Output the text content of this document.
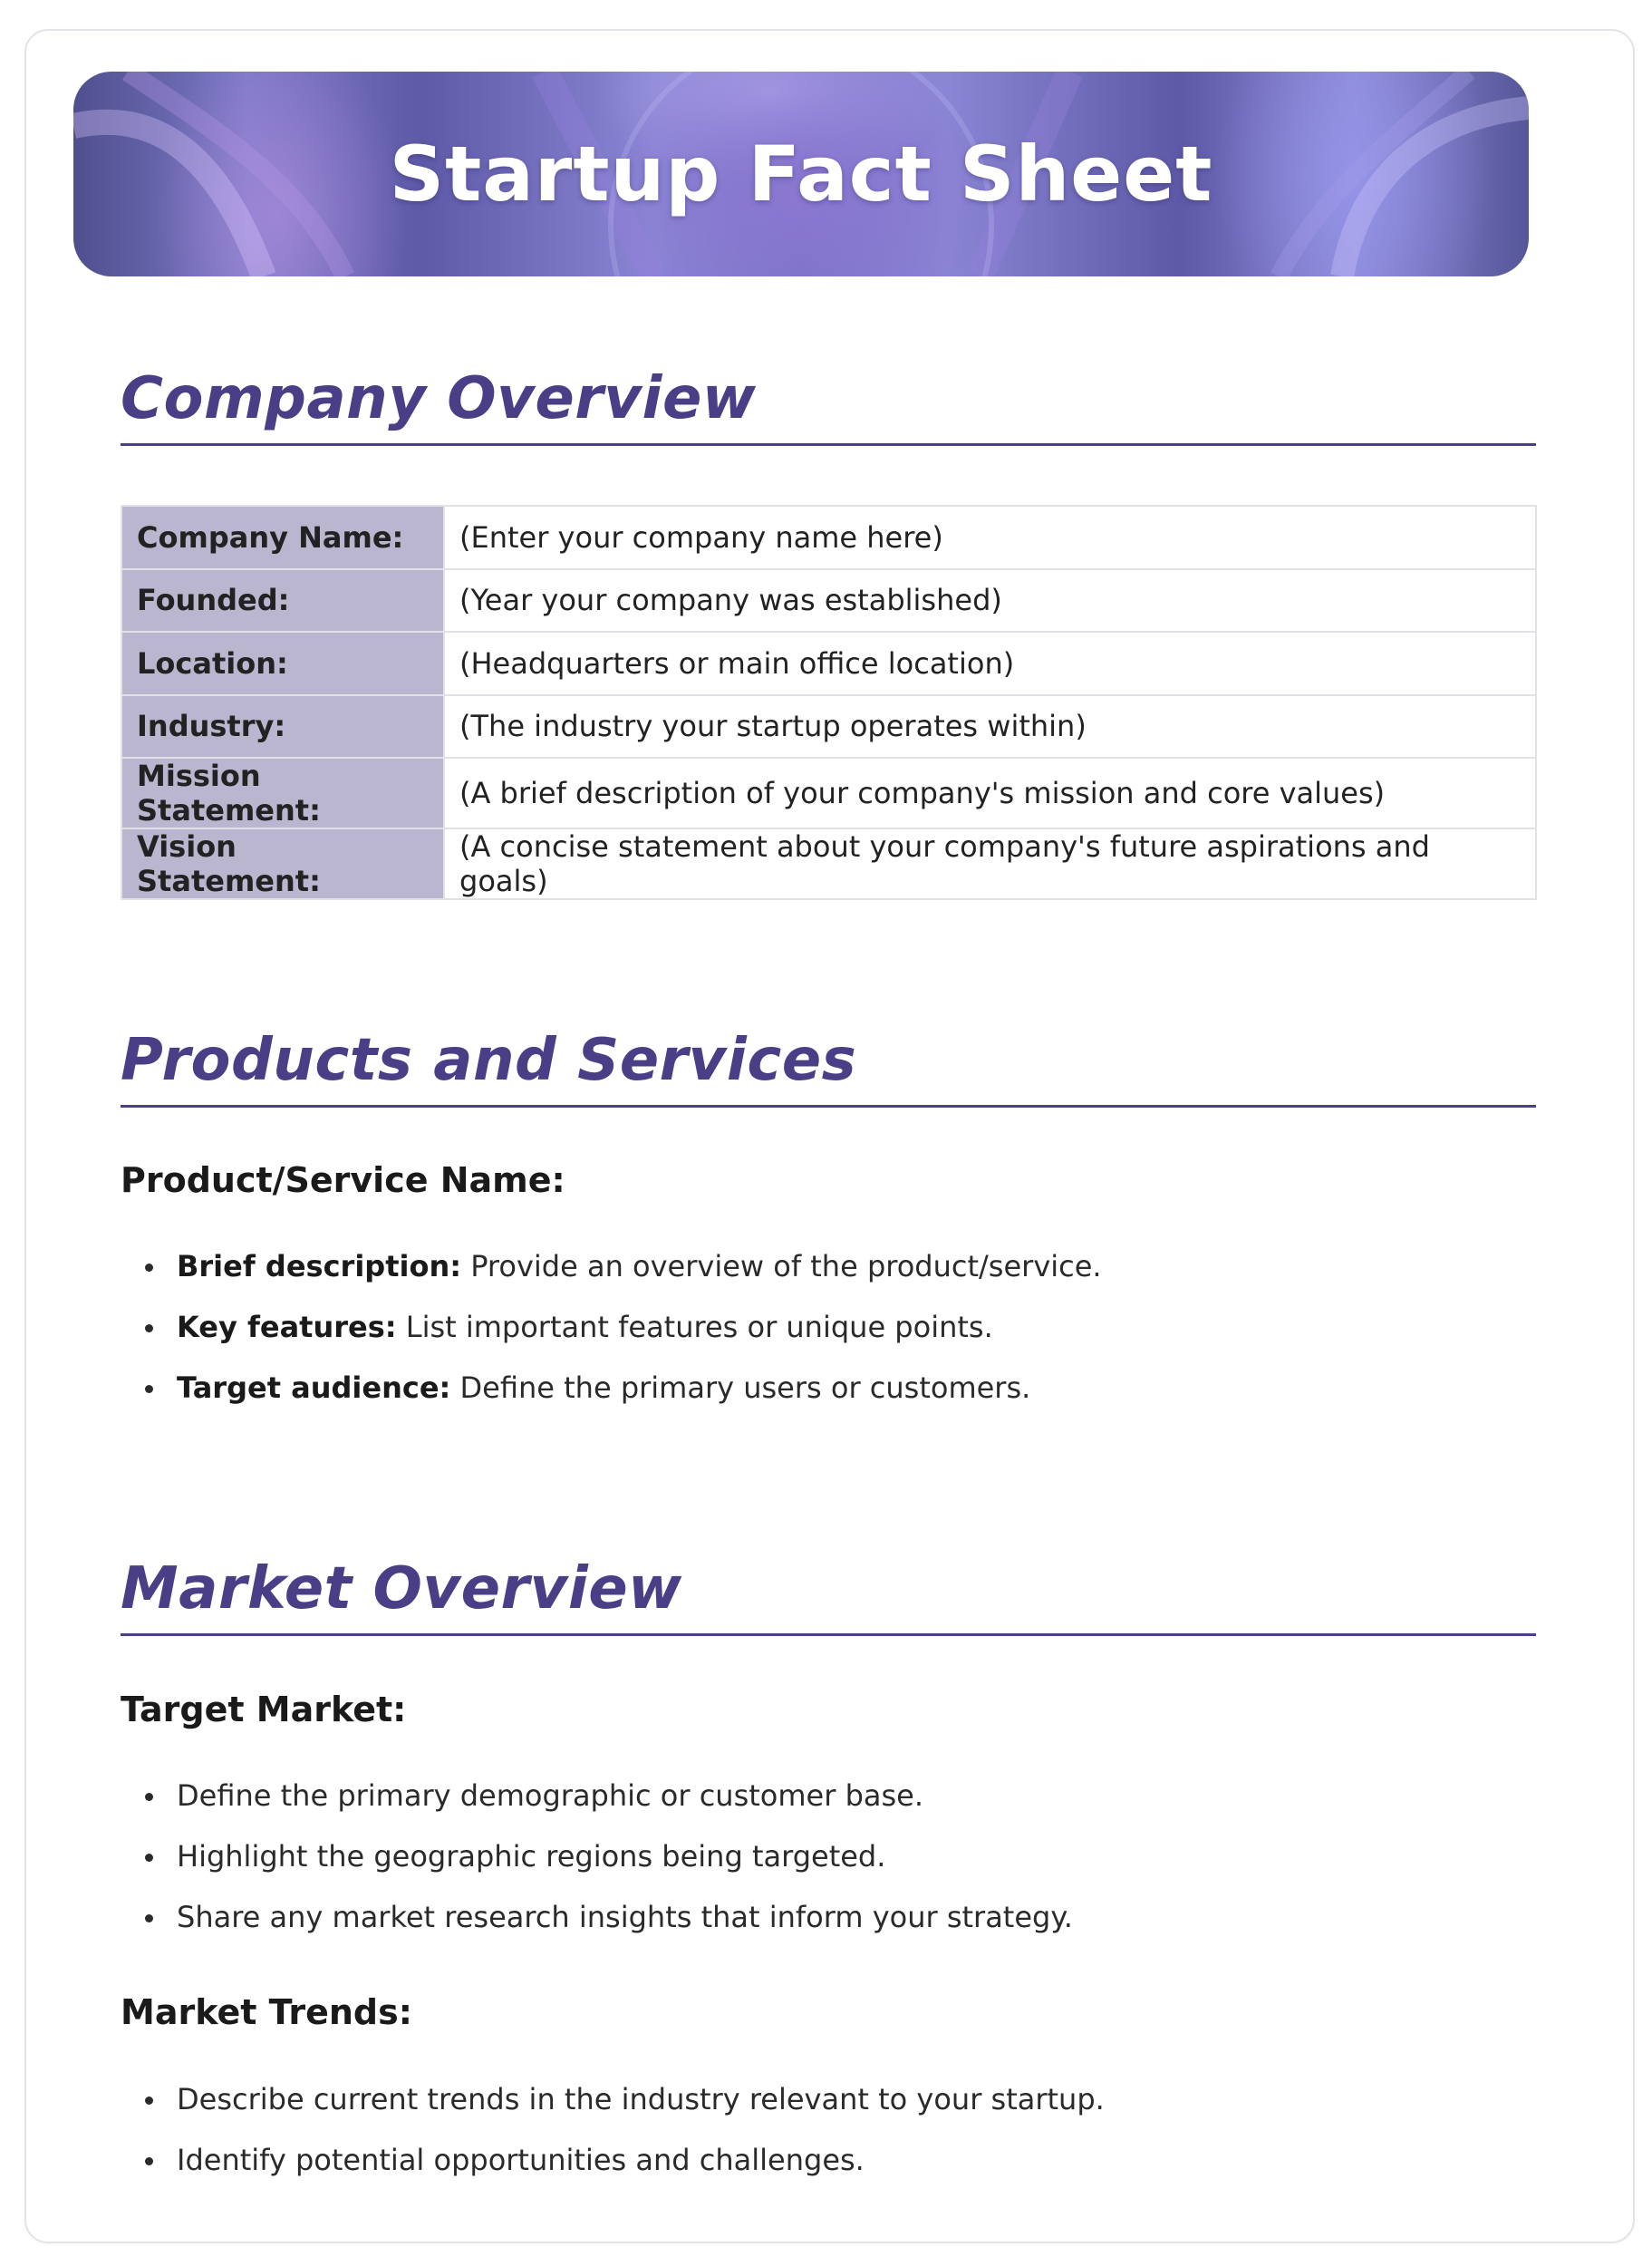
Startup Fact Sheet
Company Overview
Company Name:	(Enter your company name here)
Founded:	(Year your company was established)
Location:	(Headquarters or main office location)
Industry:	(The industry your startup operates within)
Mission Statement:	(A brief description of your company's mission and core values)
Vision Statement:	(A concise statement about your company's future aspirations and goals)
Products and Services
Product/Service Name:
Brief description: Provide an overview of the product/service.
Key features: List important features or unique points.
Target audience: Define the primary users or customers.
Market Overview
Target Market:
Define the primary demographic or customer base.
Highlight the geographic regions being targeted.
Share any market research insights that inform your strategy.
Market Trends:
Describe current trends in the industry relevant to your startup.
Identify potential opportunities and challenges.
